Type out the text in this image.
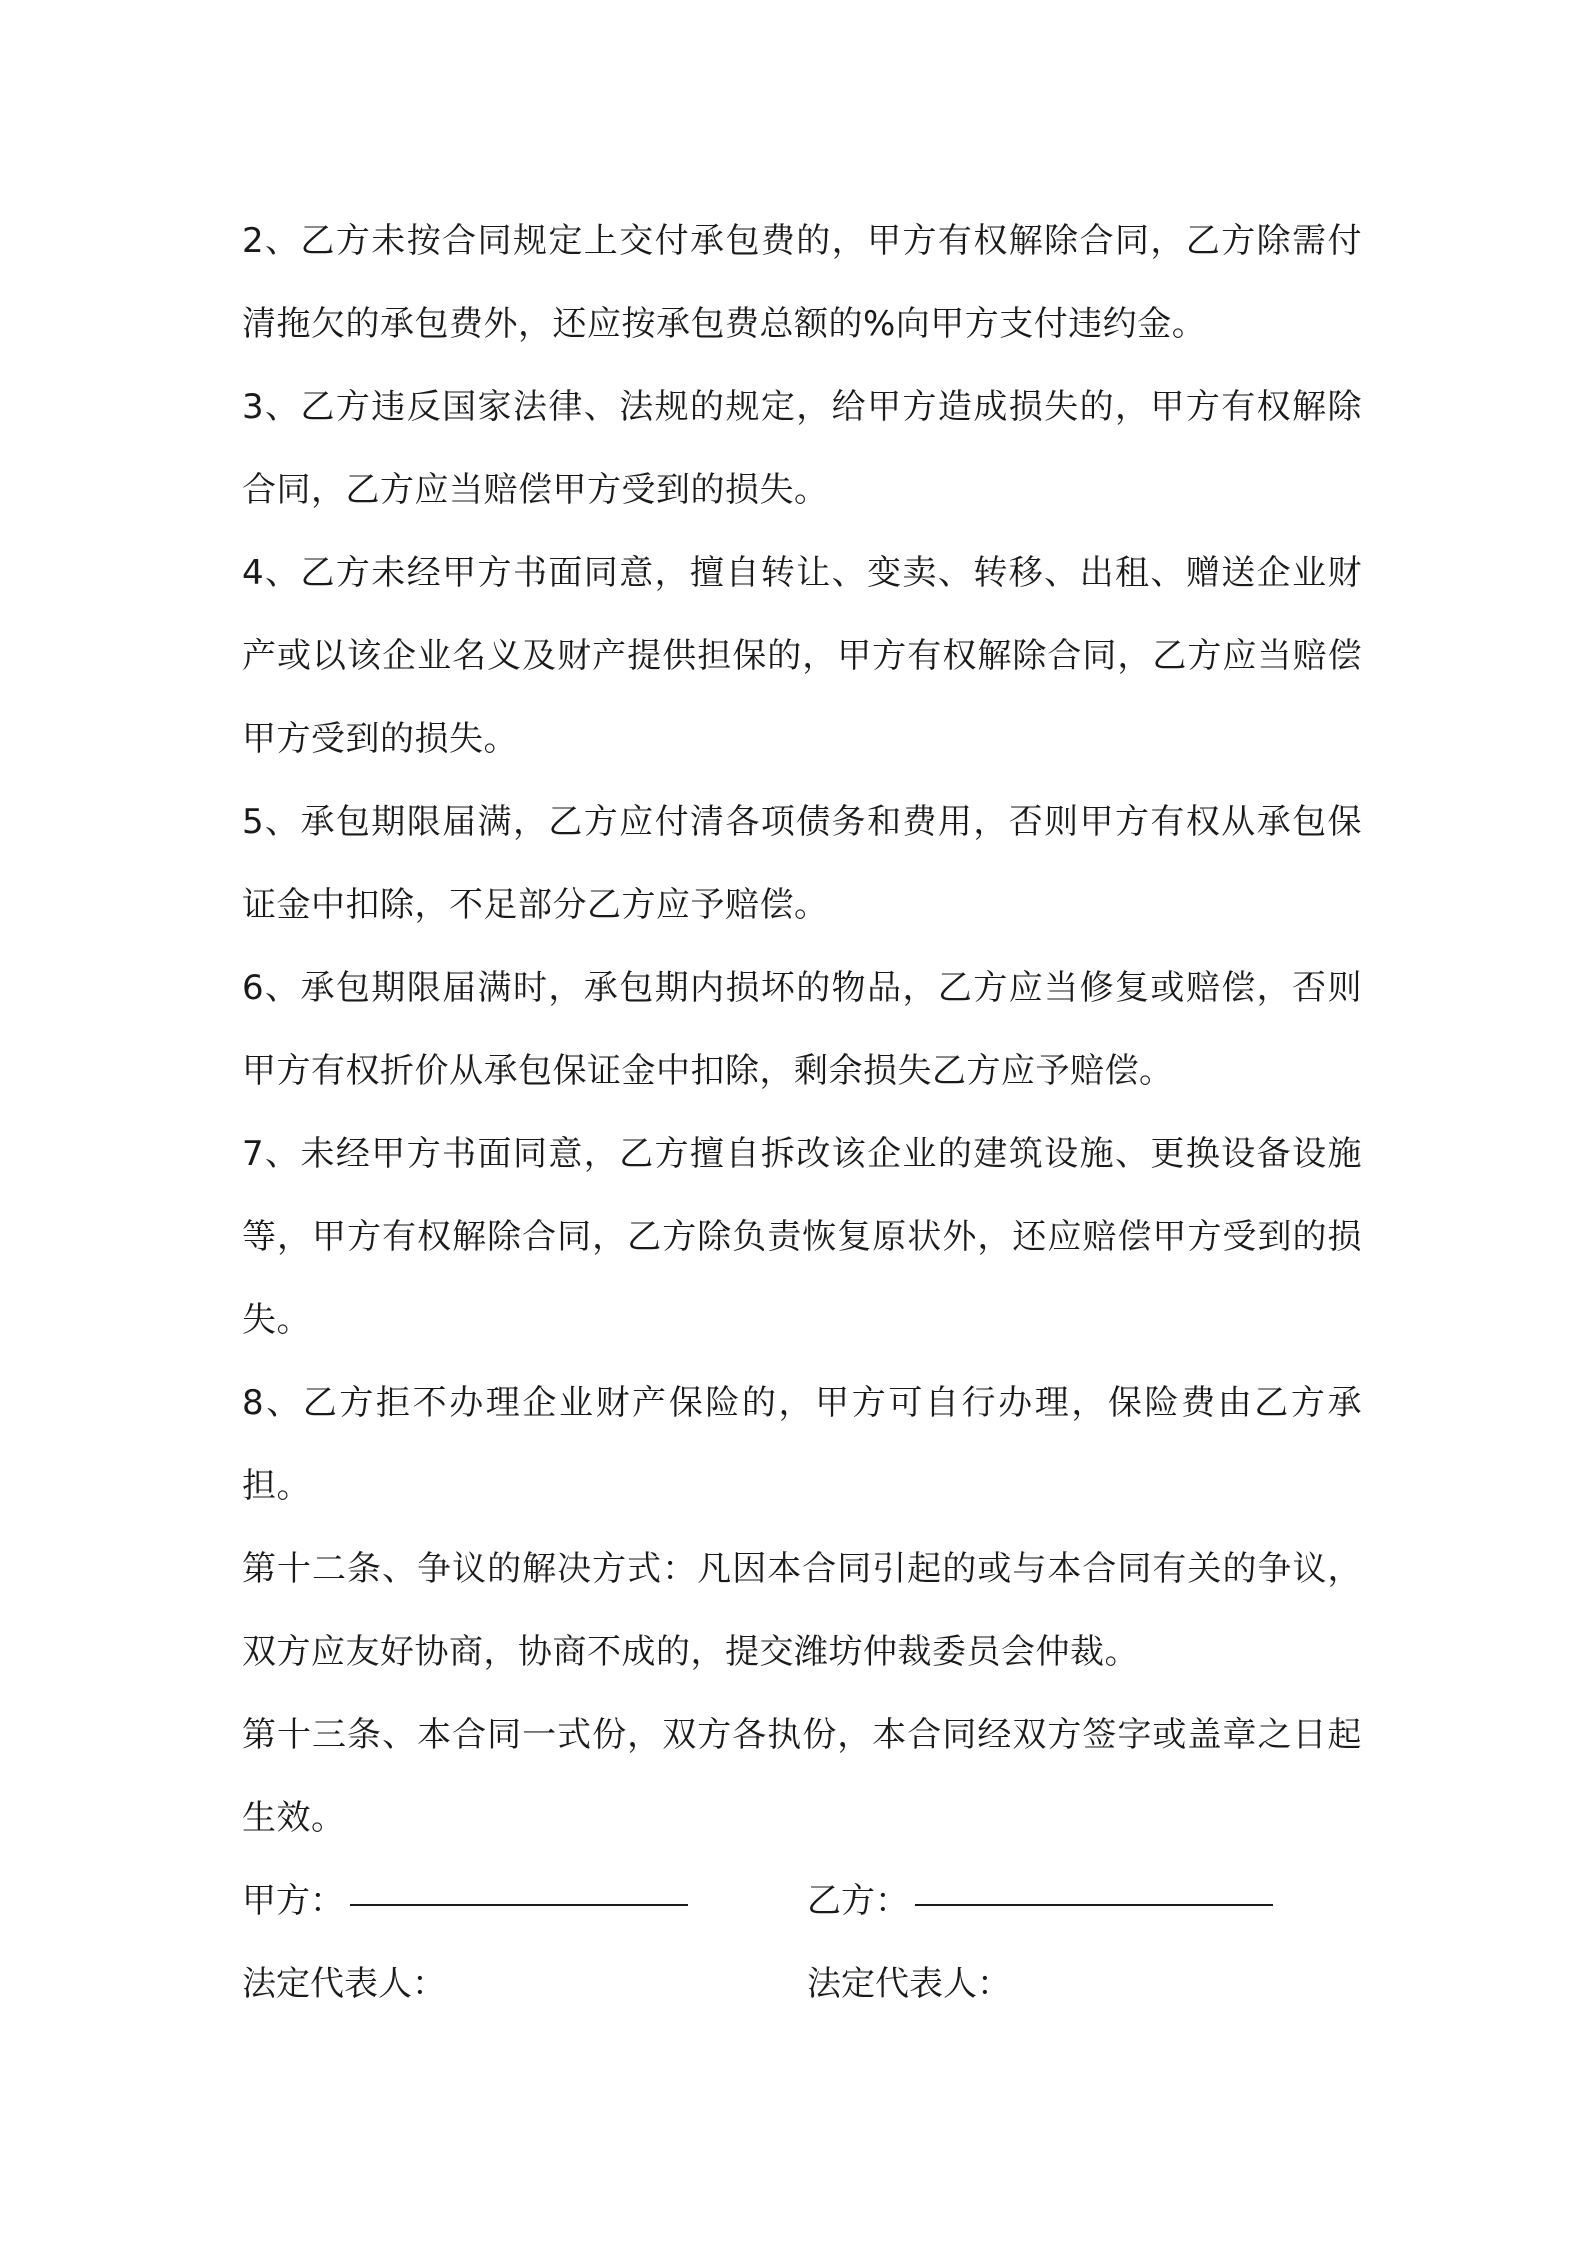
2、乙方未按合同规定上交付承包费的，甲方有权解除合同，乙方除需付清拖欠的承包费外，还应按承包费总额的%向甲方支付违约金。

3、乙方违反国家法律、法规的规定，给甲方造成损失的，甲方有权解除合同，乙方应当赔偿甲方受到的损失。

4、乙方未经甲方书面同意，擅自转让、变卖、转移、出租、赠送企业财产或以该企业名义及财产提供担保的，甲方有权解除合同，乙方应当赔偿甲方受到的损失。

5、承包期限届满，乙方应付清各项债务和费用，否则甲方有权从承包保证金中扣除，不足部分乙方应予赔偿。

6、承包期限届满时，承包期内损坏的物品，乙方应当修复或赔偿，否则甲方有权折价从承包保证金中扣除，剩余损失乙方应予赔偿。

7、未经甲方书面同意，乙方擅自拆改该企业的建筑设施、更换设备设施等，甲方有权解除合同，乙方除负责恢复原状外，还应赔偿甲方受到的损失。

8、乙方拒不办理企业财产保险的，甲方可自行办理，保险费由乙方承担。

第十二条、争议的解决方式：凡因本合同引起的或与本合同有关的争议，双方应友好协商，协商不成的，提交潍坊仲裁委员会仲裁。

第十三条、本合同一式份，双方各执份，本合同经双方签字或盖章之日起生效。

甲方：	乙方：
法定代表人：	法定代表人：
